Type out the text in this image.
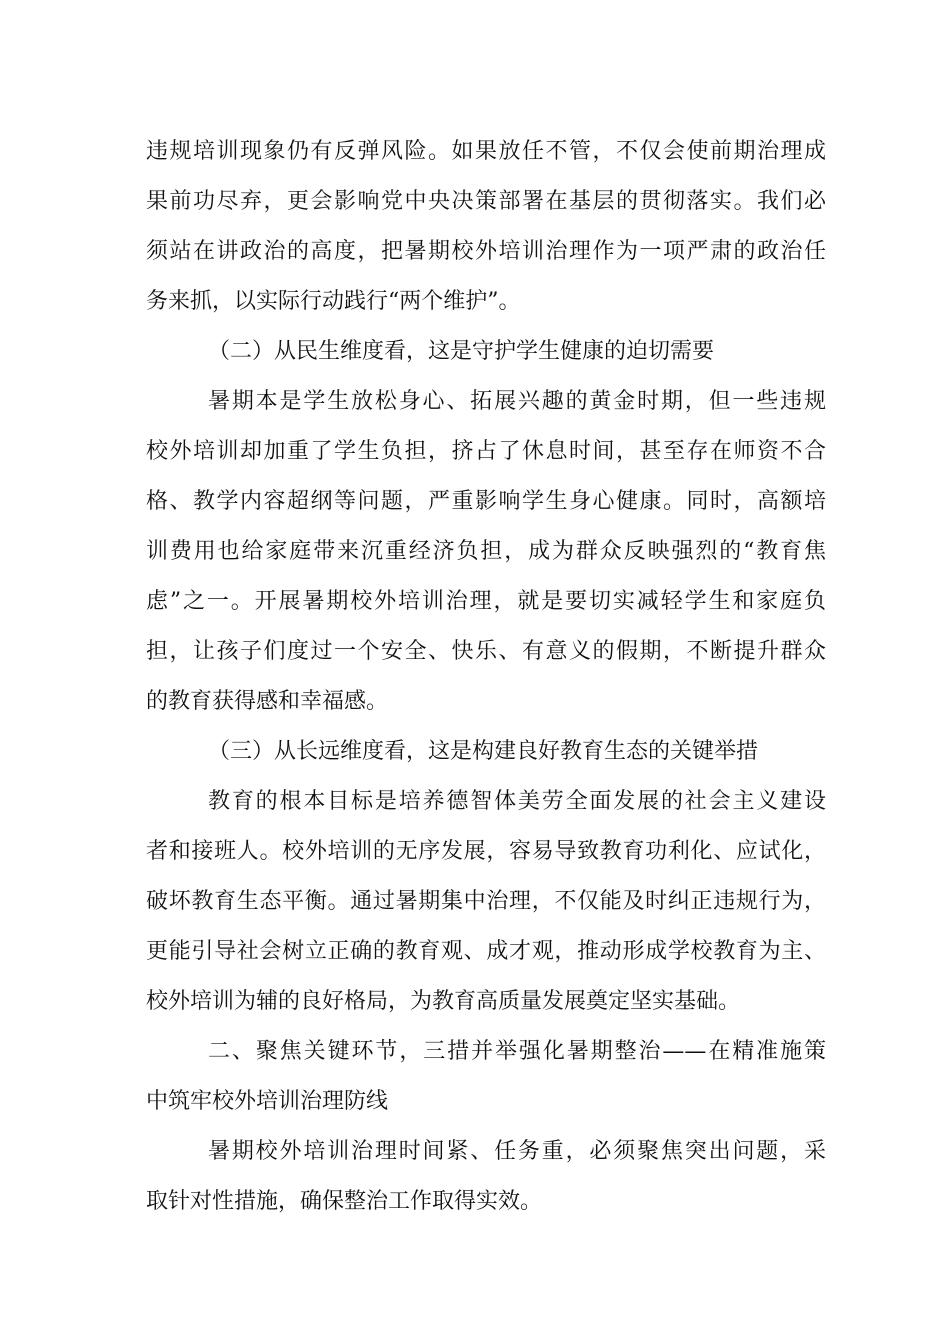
违规培训现象仍有反弹风险。如果放任不管，不仅会使前期治理成
果前功尽弃，更会影响党中央决策部署在基层的贯彻落实。我们必
须站在讲政治的高度，把暑期校外培训治理作为一项严肃的政治任
务来抓，以实际行动践行“两个维护”。
（二）从民生维度看，这是守护学生健康的迫切需要
暑期本是学生放松身心、拓展兴趣的黄金时期，但一些违规
校外培训却加重了学生负担，挤占了休息时间，甚至存在师资不合
格、教学内容超纲等问题，严重影响学生身心健康。同时，高额培
训费用也给家庭带来沉重经济负担，成为群众反映强烈的“教育焦
虑”之一。开展暑期校外培训治理，就是要切实减轻学生和家庭负
担，让孩子们度过一个安全、快乐、有意义的假期，不断提升群众
的教育获得感和幸福感。
（三）从长远维度看，这是构建良好教育生态的关键举措
教育的根本目标是培养德智体美劳全面发展的社会主义建设
者和接班人。校外培训的无序发展，容易导致教育功利化、应试化，
破坏教育生态平衡。通过暑期集中治理，不仅能及时纠正违规行为，
更能引导社会树立正确的教育观、成才观，推动形成学校教育为主、
校外培训为辅的良好格局，为教育高质量发展奠定坚实基础。
二、聚焦关键环节，三措并举强化暑期整治——在精准施策
中筑牢校外培训治理防线
暑期校外培训治理时间紧、任务重，必须聚焦突出问题，采
取针对性措施，确保整治工作取得实效。
